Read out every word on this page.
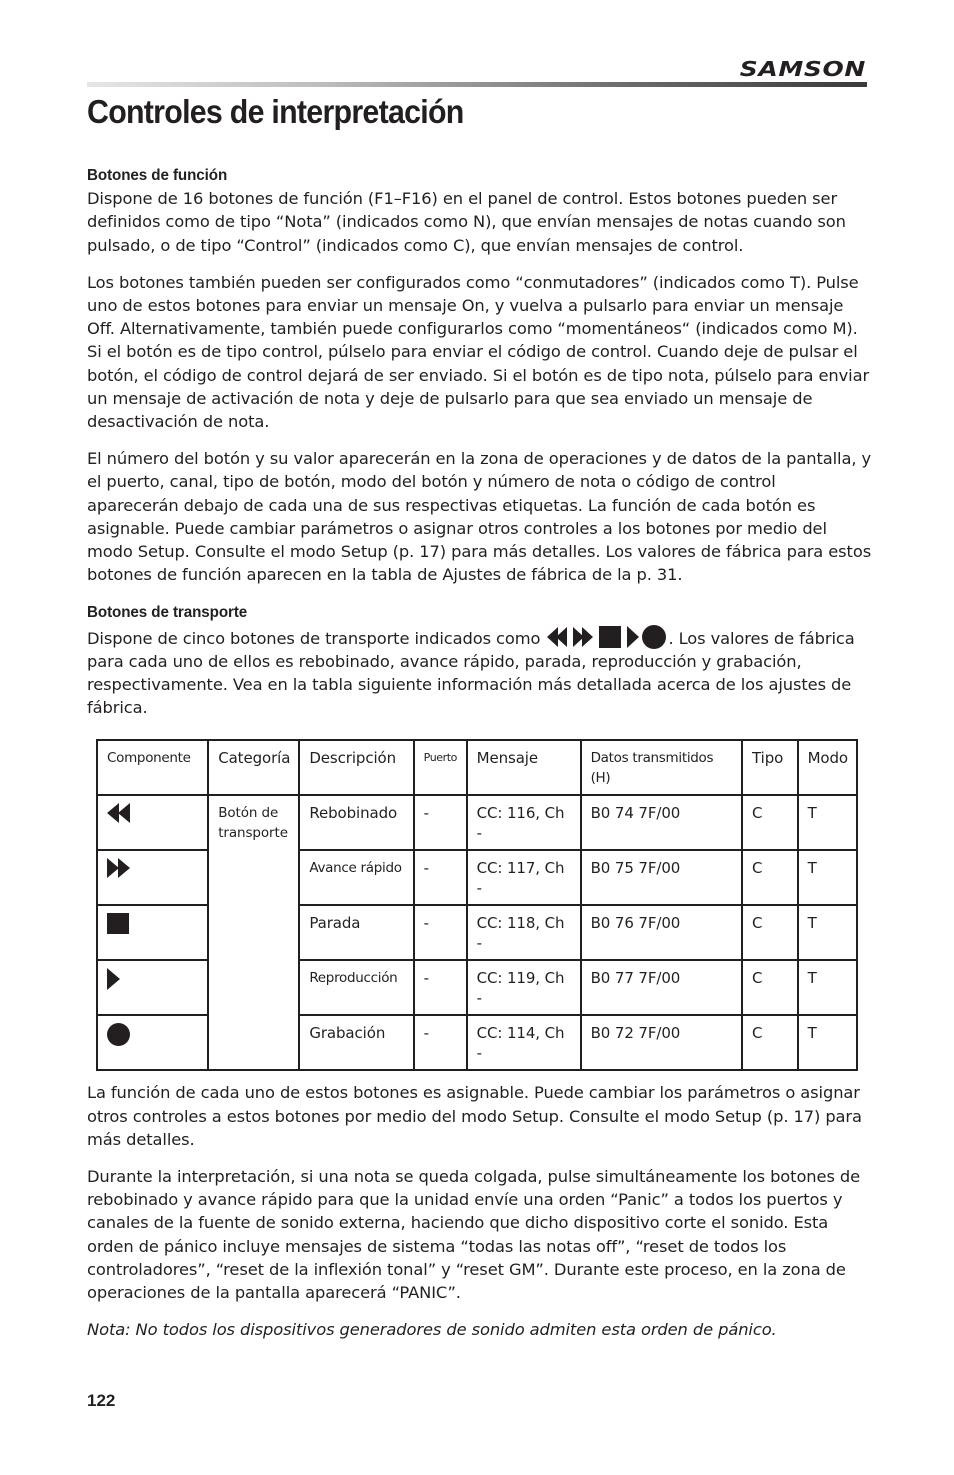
SAMSON
Controles de interpretación
Botones de función

Dispone de 16 botones de función (F1–F16) en el panel de control. Estos botones pueden ser definidos como de tipo “Nota” (indicados como N), que envían mensajes de notas cuando son pulsado, o de tipo “Control” (indicados como C), que envían mensajes de control.

Los botones también pueden ser configurados como “conmutadores” (indicados como T). Pulse uno de estos botones para enviar un mensaje On, y vuelva a pulsarlo para enviar un mensaje Off. Alternativamente, también puede configurarlos como “momentáneos“ (indicados como M). Si el botón es de tipo control, púlselo para enviar el código de control. Cuando deje de pulsar el botón, el código de control dejará de ser enviado. Si el botón es de tipo nota, púlselo para enviar un mensaje de activación de nota y deje de pulsarlo para que sea enviado un mensaje de desactivación de nota.

El número del botón y su valor aparecerán en la zona de operaciones y de datos de la pantalla, y el puerto, canal, tipo de botón, modo del botón y número de nota o código de control aparecerán debajo de cada una de sus respectivas etiquetas. La función de cada botón es asignable. Puede cambiar parámetros o asignar otros controles a los botones por medio del modo Setup. Consulte el modo Setup (p. 17) para más detalles. Los valores de fábrica para estos botones de función aparecen en la tabla de Ajustes de fábrica de la p. 31.

Botones de transporte

Dispone de cinco botones de transporte indicados como	. Los valores de fábrica para cada uno de ellos es rebobinado, avance rápido, parada, reproducción y grabación, respectivamente. Vea en la tabla siguiente información más detallada acerca de los ajustes de fábrica.

Componente	Categoría	Descripción	Puerto	Mensaje	Datos transmitidos (H)	Tipo	Modo

	Botón de transporte	Rebobinado	-	CC: 116, Ch -	B0 74 7F/00	C	T

		Avance rápido	-	CC: 117, Ch -	B0 75 7F/00	C	T
		Parada	-	CC: 118, Ch -	B0 76 7F/00	C	T
		Reproducción	-	CC: 119, Ch -	B0 77 7F/00	C	T
		Grabación	-	CC: 114, Ch -	B0 72 7F/00	C	T

La función de cada uno de estos botones es asignable. Puede cambiar los parámetros o asignar otros controles a estos botones por medio del modo Setup. Consulte el modo Setup (p. 17) para más detalles.

Durante la interpretación, si una nota se queda colgada, pulse simultáneamente los botones de rebobinado y avance rápido para que la unidad envíe una orden “Panic” a todos los puertos y canales de la fuente de sonido externa, haciendo que dicho dispositivo corte el sonido. Esta orden de pánico incluye mensajes de sistema “todas las notas off”, “reset de todos los controladores”, “reset de la inflexión tonal” y “reset GM”. Durante este proceso, en la zona de operaciones de la pantalla aparecerá “PANIC”.

Nota: No todos los dispositivos generadores de sonido admiten esta orden de pánico.

122
